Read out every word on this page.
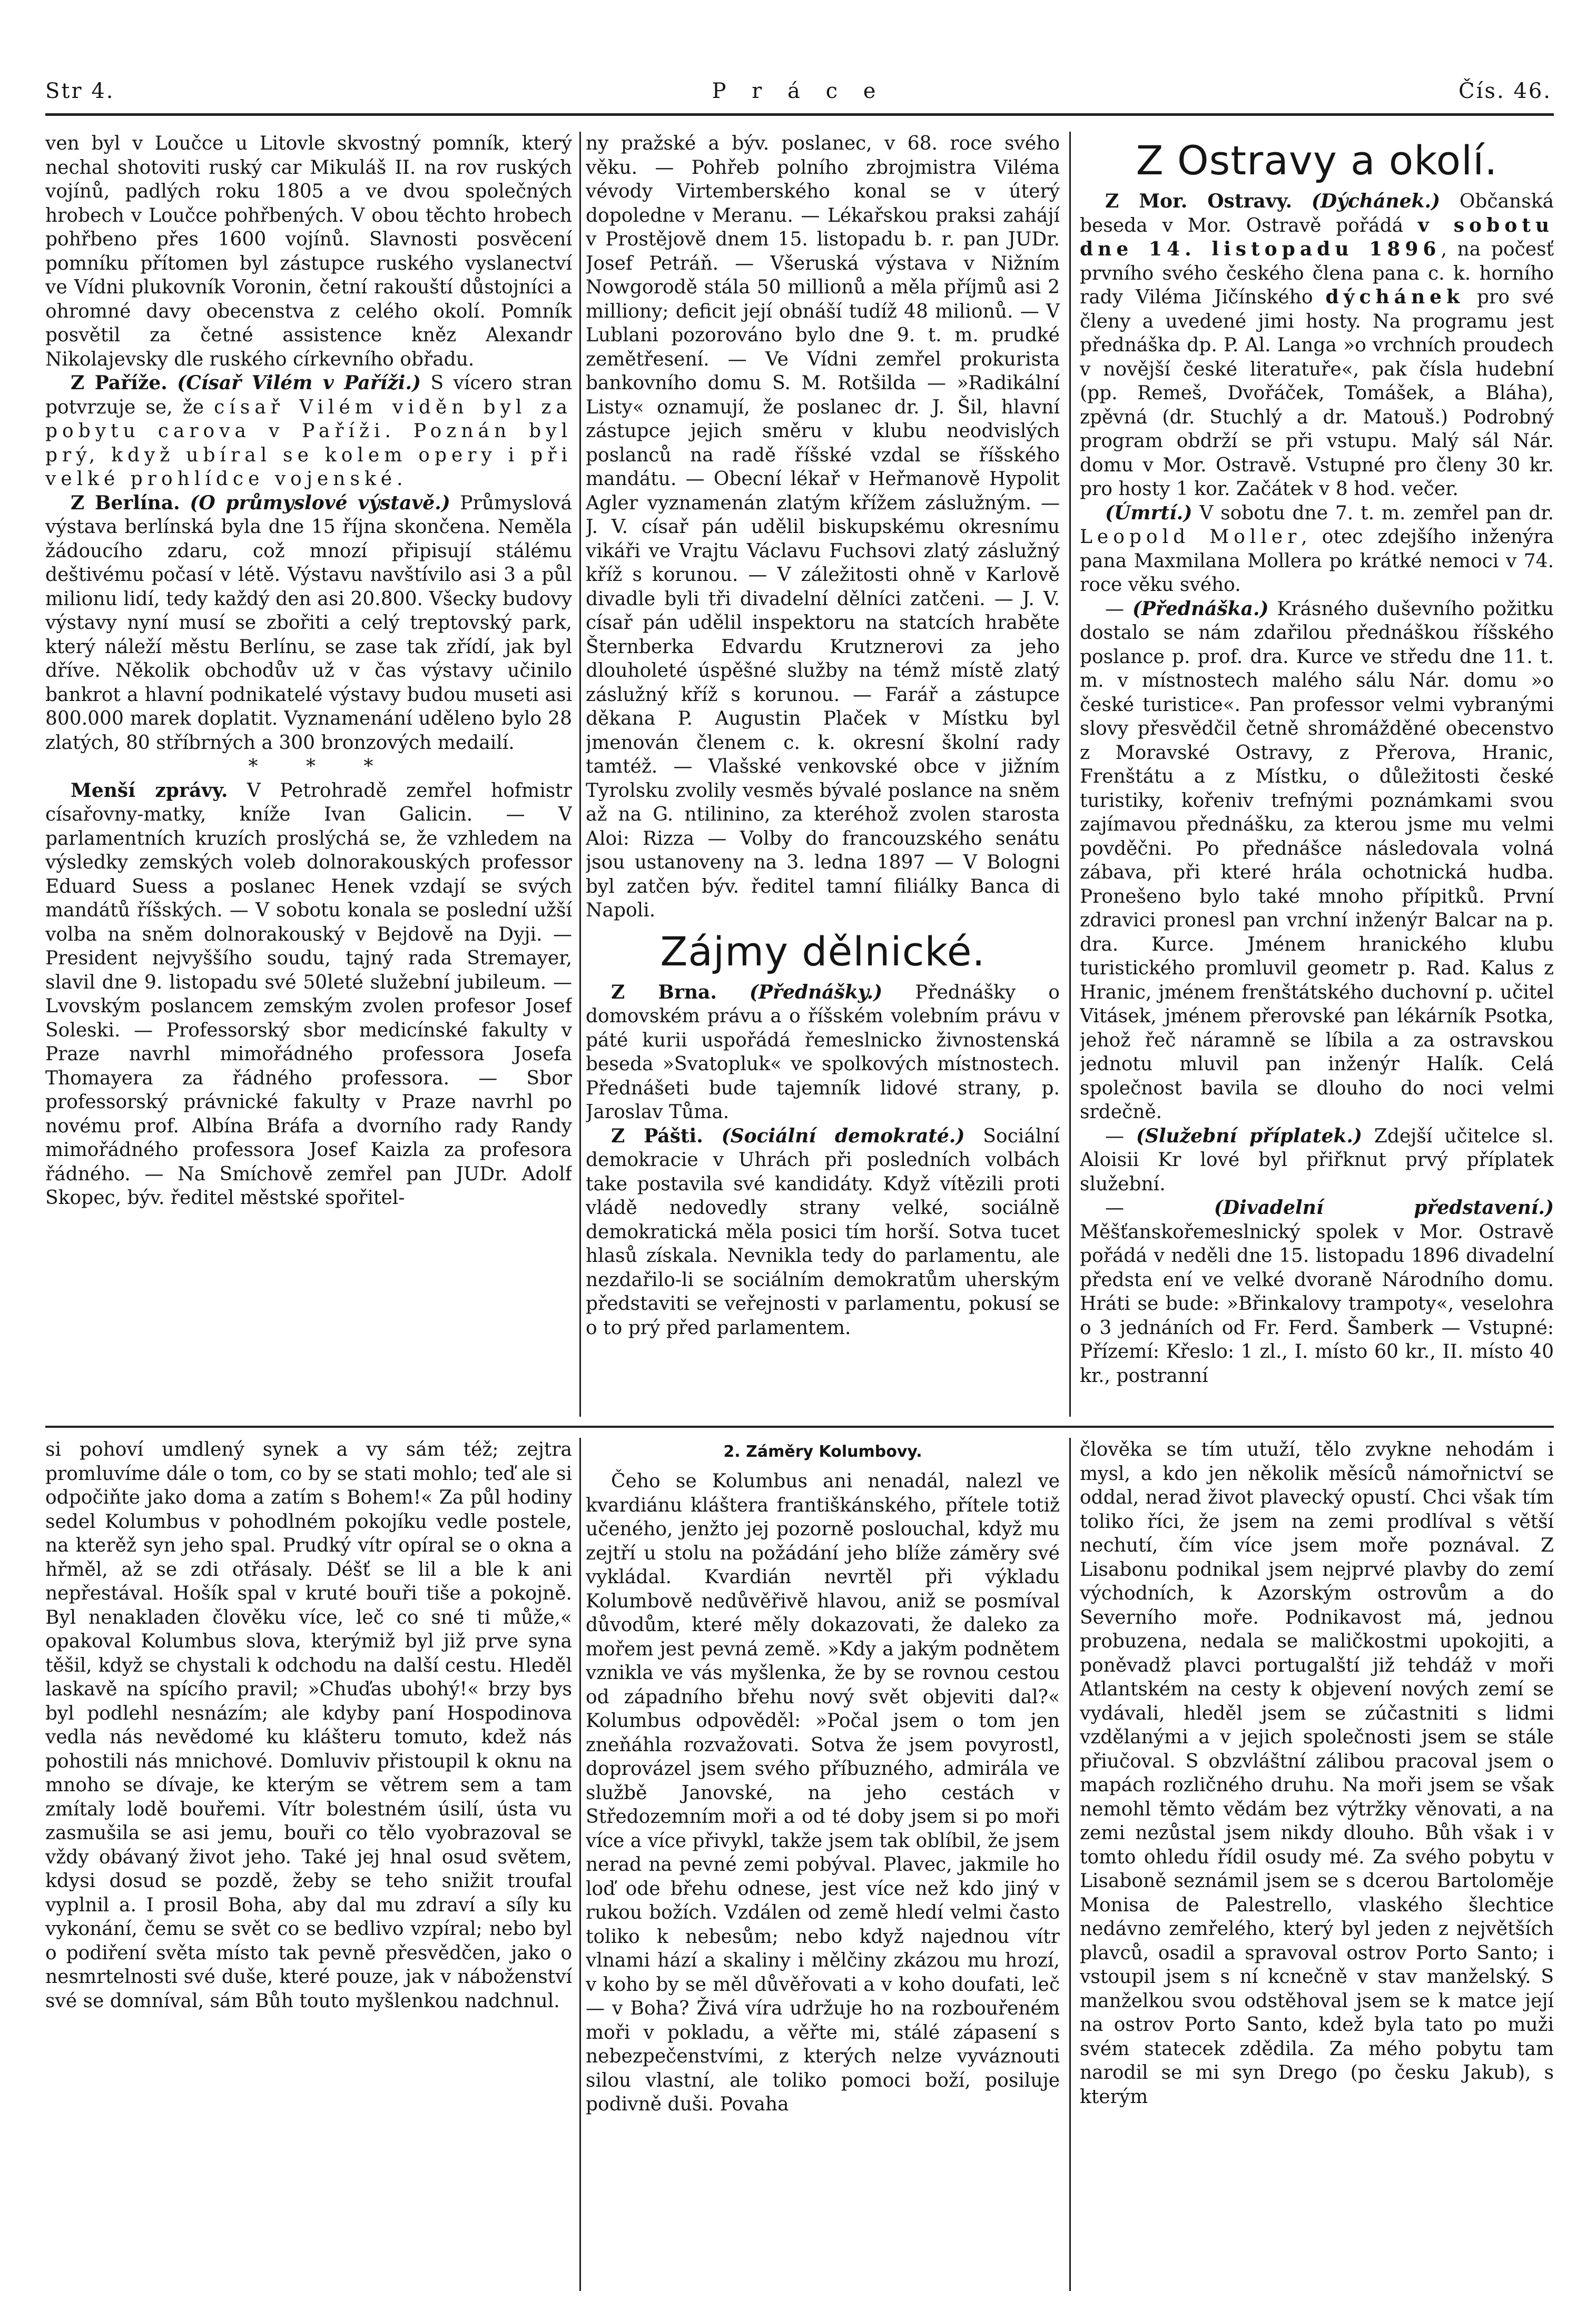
Str 4.	P r á c e	Čís. 46.

ven byl v Loučce u Litovle skvostný pomník, který nechal shotoviti ruský car Mikuláš II. na rov ruských vojínů, padlých roku 1805 a ve dvou společných hrobech v Loučce pohřbených. V obou těchto hrobech pohřbeno přes 1600 vojínů. Slavnosti posvěcení pomníku přítomen byl zástupce ruského vyslanectví ve Vídni plukovník Voronin, četní rakouští důstojníci a ohromné davy obecenstva z celého okolí. Pomník posvětil za četné assistence kněz Alexandr Nikolajevsky dle ruského církevního obřadu.

Z Paříže. (Císař Vilém v Paříži.) S vícero stran potvrzuje se, že císař Vilém viděn byl za pobytu carova v Paříži. Poznán byl prý, když ubíral se kolem opery i při velké prohlídce vojenské.

Z Berlína. (O průmyslové výstavě.) Průmyslová výstava berlínská byla dne 15 října skončena. Neměla žádoucího zdaru, což mnozí připisují stálému deštivému počasí v létě. Výstavu navštívilo asi 3 a půl milionu lidí, tedy každý den asi 20.800. Všecky budovy výstavy nyní musí se zbořiti a celý treptovský park, který náleží městu Berlínu, se zase tak zřídí, jak byl dříve. Několik obchodův už v čas výstavy učinilo bankrot a hlavní podnikatelé výstavy budou museti asi 800.000 marek doplatit. Vyznamenání udělenо bylo 28 zlatých, 80 stříbrných a 300 bronzových medailí.

* * *

Menší zprávy. V Petrohradě zemřel hofmistr císařovny-matky, kníže Ivan Galicin. — V parlamentních kruzích proslýchá se, že vzhledem na výsledky zemských voleb dolnorakouských professor Eduard Suess a poslanec Henek vzdají se svých mandátů říšských. — V sobotu konala se poslední užší volba na sněm dolnorakouský v Bejdově na Dyji. — President nejvyššího soudu, tajný rada Stremayer, slavil dne 9. listopadu své 50leté služební jubileum. — Lvovským poslancem zemským zvolen profesor Josef Soleski. — Professorský sbor medicínské fakulty v Praze navrhl mimořádného professora Josefa Thomayera za řádného professora. — Sbor professorský právnické fakulty v Praze navrhl po novému prof. Albína Bráfa a dvorního rady Randy mimořádného professora Josef Kaizla za profesora řádného. — Na Smíchově zemřel pan JUDr. Adolf Skopec, býv. ředitel městské spořitel-

ny pražské a býv. poslanec, v 68. roce svého věku. — Pohřeb polního zbrojmistra Viléma vévody Virtemberského konal se v úterý dopoledne v Meranu. — Lékařskou praksi zahájí v Prostějově dnem 15. listopadu b. r. pan JUDr. Josef Petráň. — Všeruská výstava v Nižním Nowgorodě stála 50 millionů a měla příjmů asi 2 milliony; deficit její obnáší tudíž 48 milionů. — V Lublani pozorováno bylo dne 9. t. m. prudké zemětřesení. — Ve Vídni zemřel prokurista bankovního domu S. M. Rotšilda — »Radikální Listy« oznamují, že poslanec dr. J. Šil, hlavní zástupce jejich směru v klubu neodvislých poslanců na radě říšské vzdal se říšského mandátu. — Obecní lékař v Heřmanově Hypolit Agler vyznamenán zlatým křížem záslužným. — J. V. císař pán udělil biskupskému okresnímu vikáři ve Vrajtu Václavu Fuchsovi zlatý záslužný kříž s korunou. — V záležitosti ohně v Karlově divadle byli tři divadelní dělníci zatčeni. — J. V. císař pán udělil inspektoru na statcích hraběte Šternberka Edvardu Krutznerovi za jeho dlouholeté úspěšné služby na témž místě zlatý záslužný kříž s korunou. — Farář a zástupce děkana P. Augustin Plaček v Místku byl jmenován členem c. k. okresní školní rady tamtéž. — Vlašské venkovské obce v jižním Tyrolsku zvolily vesměs bývalé poslance na sněm až na G. ntilinino, za kteréhož zvolen starosta Aloi: Rizza — Volby do francouzského senátu jsou ustanoveny na 3. ledna 1897 — V Bologni byl zatčen býv. ředitel tamní filiálky Banca di Napoli.

Zájmy dělnické.

Z Brna. (Přednášky.) Přednášky o domovském právu a o říšském volebním právu v páté kurii uspořádá řemeslnicko živnostenská beseda »Svatopluk« ve spolkových místnostech. Přednášeti bude tajemník lidové strany, p. Jaroslav Tůma.

Z Pášti. (Sociální demokraté.) Sociální demokracie v Uhrách při posledních volbách take postavila své kandidáty. Když vítězili proti vládě nedovedly strany velké, sociálně demokratická měla posici tím horší. Sotva tucet hlasů získala. Nevnikla tedy do parlamentu, ale nezdařilo-li se sociálním demokratům uherským představiti se veřejnosti v parlamentu, pokusí se o to prý před parlamentem.

Z Ostravy a okolí.

Z Mor. Ostravy. (Dýchánek.) Občanská beseda v Mor. Ostravě pořádá v sobotu dne 14. listopadu 1896, na počesť prvního svého českého člena pana c. k. horního rady Viléma Jičínského dýchánek pro své členy a uvedené jimi hosty. Na programu jest přednáška dp. P. Al. Langa »o vrchních proudech v novější české literatuře«, pak čísla hudební (pp. Remeš, Dvořáček, Tomášek, a Bláha), zpěvná (dr. Stuchlý a dr. Matouš.) Podrobný program obdrží se při vstupu. Malý sál Nár. domu v Mor. Ostravě. Vstupné pro členy 30 kr. pro hosty 1 kor. Začátek v 8 hod. večer.

(Úmrtí.) V sobotu dne 7. t. m. zemřel pan dr. Leopold Moller, otec zdejšího inženýra pana Maxmilana Mollera po krátké nemoci v 74. roce věku svého.

— (Přednáška.) Krásného duševního požitku dostalo se nám zdařilou přednáškou říšského poslance p. prof. dra. Kurce ve středu dne 11. t. m. v místnostech malého sálu Nár. domu »o české turistice«. Pan professor velmi vybranými slovy přesvědčil četně shromážděné obecenstvo z Moravské Ostravy, z Přerova, Hranic, Frenštátu a z Místku, o důležitosti české turistiky, kořeniv trefnými poznámkami svou zajímavou přednášku, za kterou jsme mu velmi povděčni. Po přednášce následovala volná zábava, při které hrála ochotnická hudba. Pronešeno bylo také mnoho přípitků. První zdravici pronesl pan vrchní inženýr Balcar na p. dra. Kurce. Jménem hranického klubu turistického promluvil geometr p. Rad. Kalus z Hranic, jménem frenštátského duchovní p. učitel Vitásek, jménem přerovské pan lékárník Psotka, jehož řeč náramně se líbila a za ostravskou jednotu mluvil pan inženýr Halík. Celá společnost bavila se dlouho do noci velmi srdečně.

— (Služební příplatek.) Zdejší učitelce sl. Aloisii Kr lové byl přiřknut prvý příplatek služební.

— (Divadelní představení.) Měšťanskořemeslnický spolek v Mor. Ostravě pořádá v neděli dne 15. listopadu 1896 divadelní předsta ení ve velké dvoraně Národního domu. Hráti se bude: »Břinkalovy trampoty«, veselohra o 3 jednáních od Fr. Ferd. Šamberk — Vstupné: Přízemí: Křeslo: 1 zl., I. místo 60 kr., II. místo 40 kr., postranní

si pohoví umdlený synek a vy sám též; zejtra promluvíme dále o tom, co by se stati mohlo; teď ale si odpočiňte jako doma a zatím s Bohem!« Za půl hodiny sedel Kolumbus v pohodlném pokojíku vedle postele, na kterěž syn jeho spal. Prudký vítr opíral se o okna a hřměl, až se zdi otřásaly. Déšť se lil a ble k ani nepřestával. Hošík spal v kruté bouři tiše a pokojně. Byl nenakladen člověku více, leč co sné ti může,« opakoval Kolumbus slova, kterýmiž byl již prve syna těšil, když se chystali k odchodu na další cestu. Hleděl laskavě na spícího pravil; »Chuďas ubohý!« brzy bys byl podlehl nesnázím; ale kdyby paní Hospodinova vedla nás nevědomé ku klášteru tomuto, kdež nás pohostili nás mnichové. Domluviv přistoupil k oknu na mnoho se dívaje, ke kterým se větrem sem a tam zmítaly lodě bouřemi. Vítr bolestném úsilí, ústa vu zasmušila se asi jemu, bouři co tělo vyobrazoval se vždy obávaný život jeho. Také jej hnal osud světem, kdysi dosud se pozdě, žeby se teho snižit troufal vyplnil a. I prosil Boha, aby dal mu zdraví a síly ku vykonání, čemu se svět co se bedlivo vzpíral; nebo byl o podiření světa místo tak pevně přesvědčen, jako o nesmrtelnosti své duše, které pouze, jak v náboženství své se domníval, sám Bůh touto myšlenkou nadchnul.

2. Záměry Kolumbovy.

Čeho se Kolumbus ani nenadál, nalezl ve kvardiánu kláštera františkánského, přítele totiž učeného, jenžto jej pozorně poslouchal, když mu zejtří u stolu na požádání jeho blíže záměry své vykládal. Kvardián nevrtěl při výkladu Kolumbově nedůvěřivě hlavou, aniž se posmíval důvodům, které měly dokazovati, že daleko za mořem jest pevná země. »Kdy a jakým podnětem vznikla ve vás myšlenka, že by se rovnou cestou od západního břehu nový svět objeviti dal?« Kolumbus odpověděl: »Počal jsem o tom jen zneňáhla rozvažovati. Sotva že jsem povyrostl, doprovázel jsem svého příbuzného, admirála ve službě Janovské, na jeho cestách v Středozemním moři a od té doby jsem si po moři více a více přivykl, takže jsem tak oblíbil, že jsem nerad na pevné zemi pobýval. Plavec, jakmile ho loď ode břehu odnese, jest více než kdo jiný v rukou božích. Vzdálen od země hledí velmi často toliko k nebesům; nebo když najednou vítr vlnami hází a skaliny i mělčiny zkázou mu hrozí, v koho by se měl důvěřovati a v koho doufati, leč — v Boha? Živá víra udržuje ho na rozbouřeném moři v pokladu, a věřte mi, stálé zápasení s nebezpečenstvími, z kterých nelze vyváznouti silou vlastní, ale toliko pomoci boží, posiluje podivně duši. Povaha

člověka se tím utuží, tělo zvykne nehodám i mysl, a kdo jen několik měsíců námořnictví se oddal, nerad život plavecký opustí. Chci však tím toliko říci, že jsem na zemi prodlíval s větší nechutí, čím více jsem moře poznával. Z Lisabonu podnikal jsem nejprvé plavby do zemí východních, k Azorským ostrovům a do Severního moře. Podnikavost má, jednou probuzena, nedala se maličkostmi upokojiti, a poněvadž plavci portugalští již tehdáž v moři Atlantském na cesty k objevení nových zemí se vydávali, hleděl jsem se zúčastniti s lidmi vzdělanými a v jejich společnosti jsem se stále přiučoval. S obzvláštní zálibou pracoval jsem o mapách rozličného druhu. Na moři jsem se však nemohl těmto vědám bez výtržky věnovati, a na zemi nezůstal jsem nikdy dlouho. Bůh však i v tomto ohledu řídil osudy mé. Za svého pobytu v Lisaboně seznámil jsem se s dcerou Bartoloměje Monisa de Palestrello, vlaského šlechtice nedávno zemřelého, který byl jeden z největších plavců, osadil a spravoval ostrov Porto Santo; i vstoupil jsem s ní kcnečně v stav manželský. S manželkou svou odstěhoval jsem se k matce její na ostrov Porto Santo, kdež byla tato po muži svém statecek zdědila. Za mého pobytu tam narodil se mi syn Drego (po česku Jakub), s kterým
